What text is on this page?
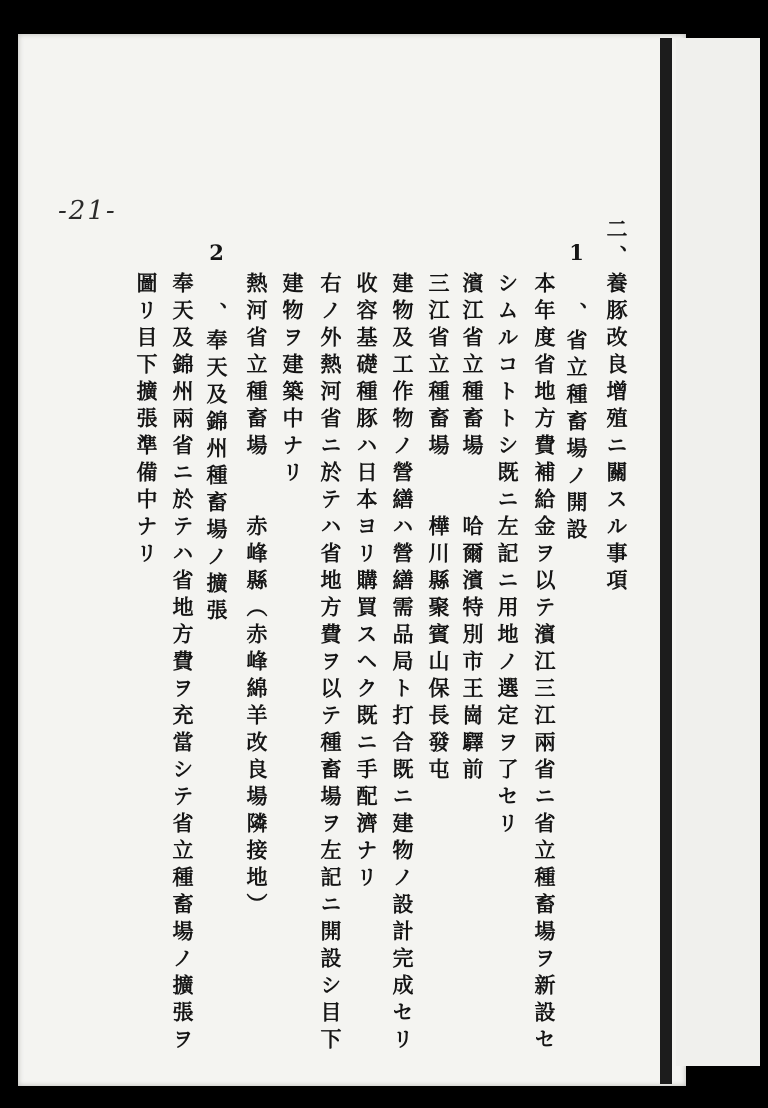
-21-
二、養豚改良增殖ニ關スル事項
1 、省立種畜場ノ開設
本年度省地方費補給金ヲ以テ濱江三江兩省ニ省立種畜場ヲ新設セ
シムルコトトシ既ニ左記ニ用地ノ選定ヲ了セリ
濱江省立種畜場　　哈爾濱特別市王崗驛前
三江省立種畜場　　樺川縣聚賓山保長發屯
建物及工作物ノ營繕ハ營繕需品局ト打合既ニ建物ノ設計完成セリ
收容基礎種豚ハ日本ヨリ購買スヘク既ニ手配濟ナリ
右ノ外熱河省ニ於テハ省地方費ヲ以テ種畜場ヲ左記ニ開設シ目下
建物ヲ建築中ナリ
熱河省立種畜場　　赤峰縣（赤峰綿羊改良場隣接地）
2 、奉天及錦州種畜場ノ擴張
奉天及錦州兩省ニ於テハ省地方費ヲ充當シテ省立種畜場ノ擴張ヲ
圖リ目下擴張準備中ナリ
